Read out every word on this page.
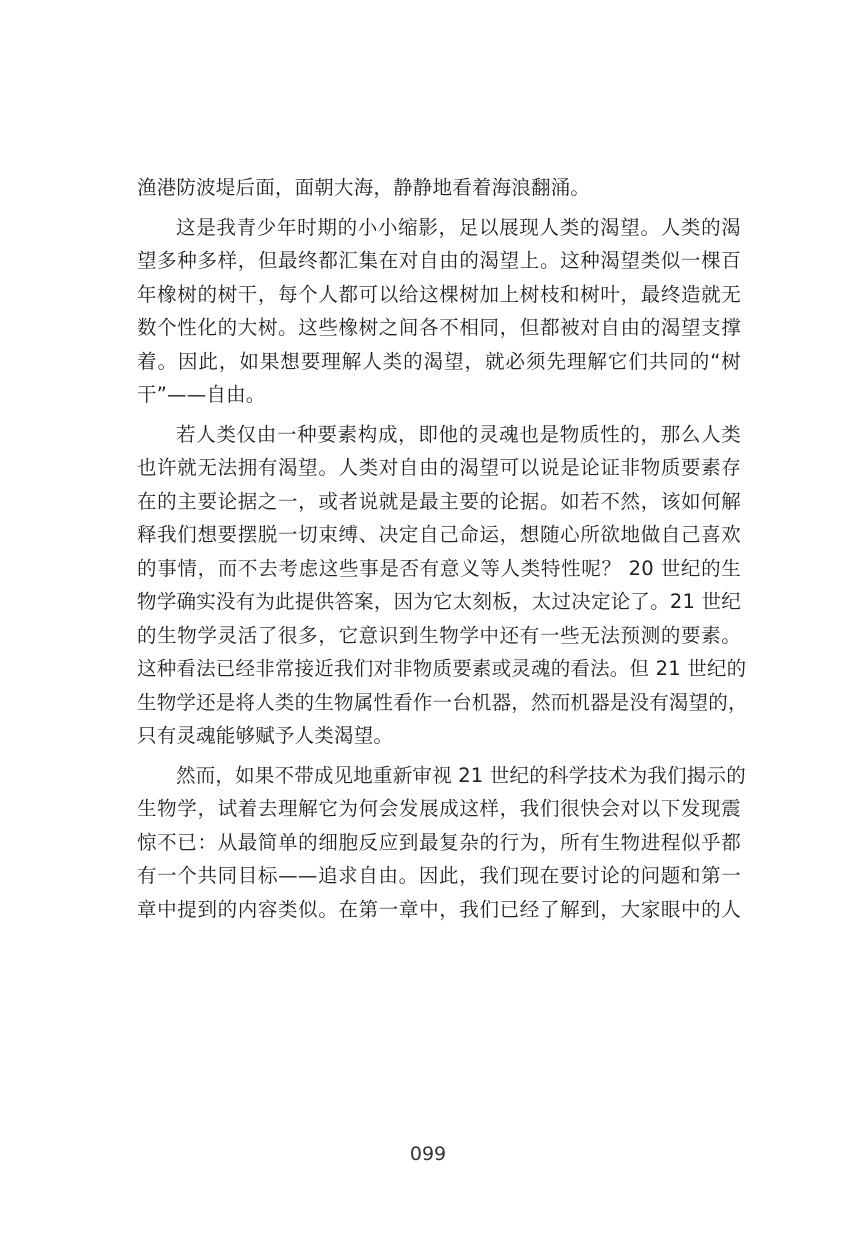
渔港防波堤后面，面朝大海，静静地看着海浪翻涌。
这是我青少年时期的小小缩影，足以展现人类的渴望。人类的渴
望多种多样，但最终都汇集在对自由的渴望上。这种渴望类似一棵百
年橡树的树干，每个人都可以给这棵树加上树枝和树叶，最终造就无
数个性化的大树。这些橡树之间各不相同，但都被对自由的渴望支撑
着。因此，如果想要理解人类的渴望，就必须先理解它们共同的“树
干”——自由。
若人类仅由一种要素构成，即他的灵魂也是物质性的，那么人类
也许就无法拥有渴望。人类对自由的渴望可以说是论证非物质要素存
在的主要论据之一，或者说就是最主要的论据。如若不然，该如何解
释我们想要摆脱一切束缚、决定自己命运，想随心所欲地做自己喜欢
的事情，而不去考虑这些事是否有意义等人类特性呢？ 20 世纪的生
物学确实没有为此提供答案，因为它太刻板，太过决定论了。21 世纪
的生物学灵活了很多，它意识到生物学中还有一些无法预测的要素。
这种看法已经非常接近我们对非物质要素或灵魂的看法。但 21 世纪的
生物学还是将人类的生物属性看作一台机器，然而机器是没有渴望的，
只有灵魂能够赋予人类渴望。
然而，如果不带成见地重新审视 21 世纪的科学技术为我们揭示的
生物学，试着去理解它为何会发展成这样，我们很快会对以下发现震
惊不已：从最简单的细胞反应到最复杂的行为，所有生物进程似乎都
有一个共同目标——追求自由。因此，我们现在要讨论的问题和第一
章中提到的内容类似。在第一章中，我们已经了解到，大家眼中的人
099
